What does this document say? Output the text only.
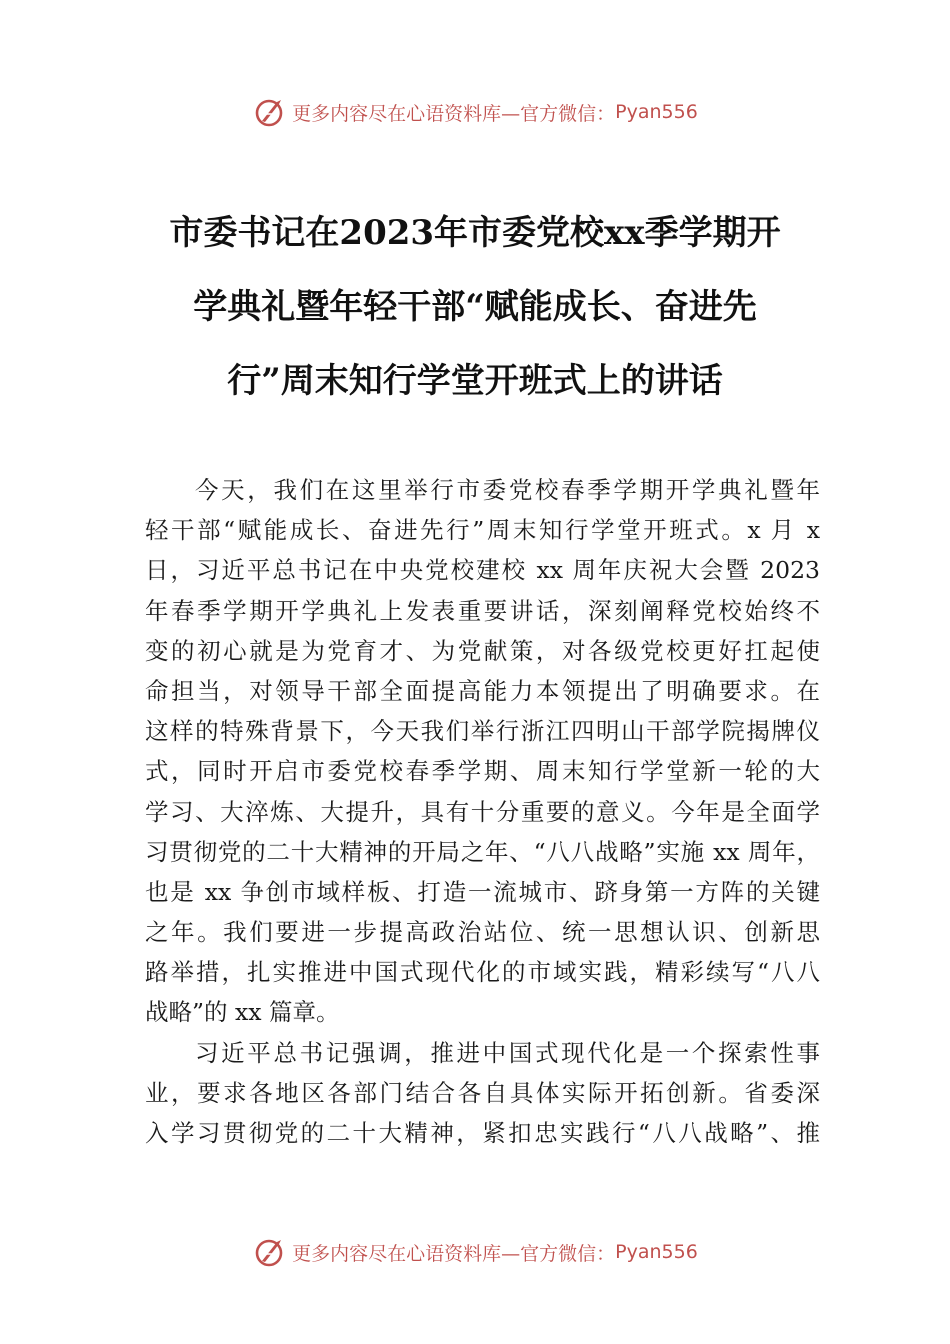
更多内容尽在心语资料库—官方微信： Pyan556
市委书记在2023年市委党校xx季学期开
学典礼暨年轻干部“赋能成长、奋进先
行”周末知行学堂开班式上的讲话
今天，我们在这里举行市委党校春季学期开学典礼暨年
轻干部“赋能成长、奋进先行”周末知行学堂开班式。x 月 x
日，习近平总书记在中央党校建校 xx 周年庆祝大会暨 2023
年春季学期开学典礼上发表重要讲话，深刻阐释党校始终不
变的初心就是为党育才、为党献策，对各级党校更好扛起使
命担当，对领导干部全面提高能力本领提出了明确要求。在
这样的特殊背景下，今天我们举行浙江四明山干部学院揭牌仪
式，同时开启市委党校春季学期、周末知行学堂新一轮的大
学习、大淬炼、大提升，具有十分重要的意义。今年是全面学
习贯彻党的二十大精神的开局之年、“八八战略”实施 xx 周年，
也是 xx 争创市域样板、打造一流城市、跻身第一方阵的关键
之年。我们要进一步提高政治站位、统一思想认识、创新思
路举措，扎实推进中国式现代化的市域实践，精彩续写“八八
战略”的 xx 篇章。
习近平总书记强调，推进中国式现代化是一个探索性事
业，要求各地区各部门结合各自具体实际开拓创新。省委深
入学习贯彻党的二十大精神，紧扣忠实践行“八八战略”、推
更多内容尽在心语资料库—官方微信： Pyan556
